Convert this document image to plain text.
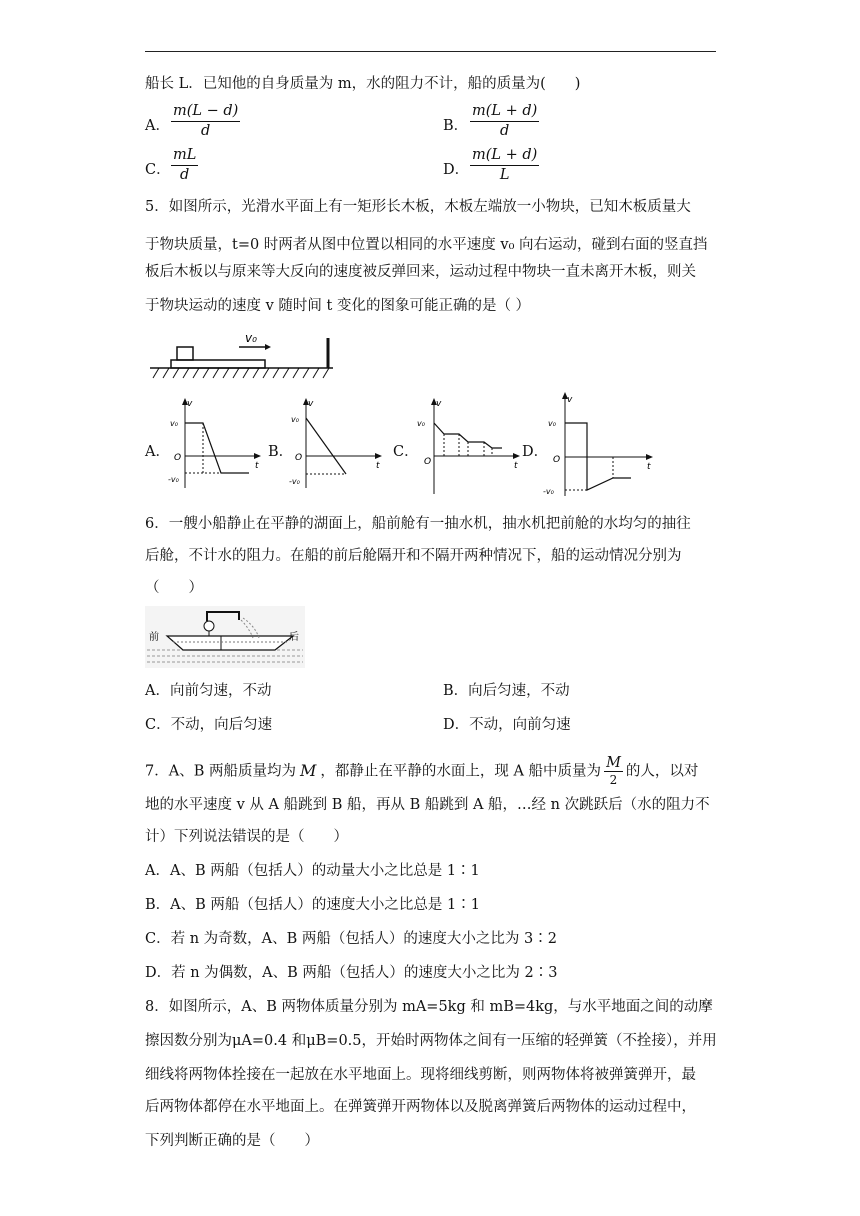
船长 L．已知他的自身质量为 m，水的阻力不计，船的质量为(　　)
A． $\frac{m(L - d)}{d}$	B． $\frac{m(L + d)}{d}$
C． $\frac{mL}{d}$	D． $\frac{m(L + d)}{L}$
5．如图所示，光滑水平面上有一矩形长木板，木板左端放一小物块，已知木板质量大
于物块质量，t=0 时两者从图中位置以相同的水平速度 v₀ 向右运动，碰到右面的竖直挡
板后木板以与原来等大反向的速度被反弹回来，运动过程中物块一直未离开木板，则关
于物块运动的速度 v 随时间 t 变化的图象可能正确的是（ ）
v₀
A．
v
t
O
v₀
-v₀
B．
v
t
O
v₀
-v₀
C．
v
t
O
v₀
D．
v
t
O
v₀
-v₀
6．一艘小船静止在平静的湖面上，船前舱有一抽水机，抽水机把前舱的水均匀的抽往
后舱，不计水的阻力。在船的前后舱隔开和不隔开两种情况下，船的运动情况分别为
（　　）
前	后
A．向前匀速，不动	B．向后匀速，不动
C．不动，向后匀速	D．不动，向前匀速
7．A、B 两船质量均为 M ，都静止在平静的水面上，现 A 船中质量为
M
2
的人，以对
地的水平速度 v 从 A 船跳到 B 船，再从 B 船跳到 A 船，…经 n 次跳跃后（水的阻力不
计）下列说法错误的是（　　）
A．A、B 两船（包括人）的动量大小之比总是 1∶1
B．A、B 两船（包括人）的速度大小之比总是 1∶1
C．若 n 为奇数，A、B 两船（包括人）的速度大小之比为 3∶2
D．若 n 为偶数，A、B 两船（包括人）的速度大小之比为 2∶3
8．如图所示，A、B 两物体质量分别为 mA=5kg 和 mB=4kg，与水平地面之间的动摩
擦因数分别为μA=0.4 和μB=0.5，开始时两物体之间有一压缩的轻弹簧（不拴接），并用
细线将两物体拴接在一起放在水平地面上。现将细线剪断，则两物体将被弹簧弹开，最
后两物体都停在水平地面上。在弹簧弹开两物体以及脱离弹簧后两物体的运动过程中，
下列判断正确的是（　　）
